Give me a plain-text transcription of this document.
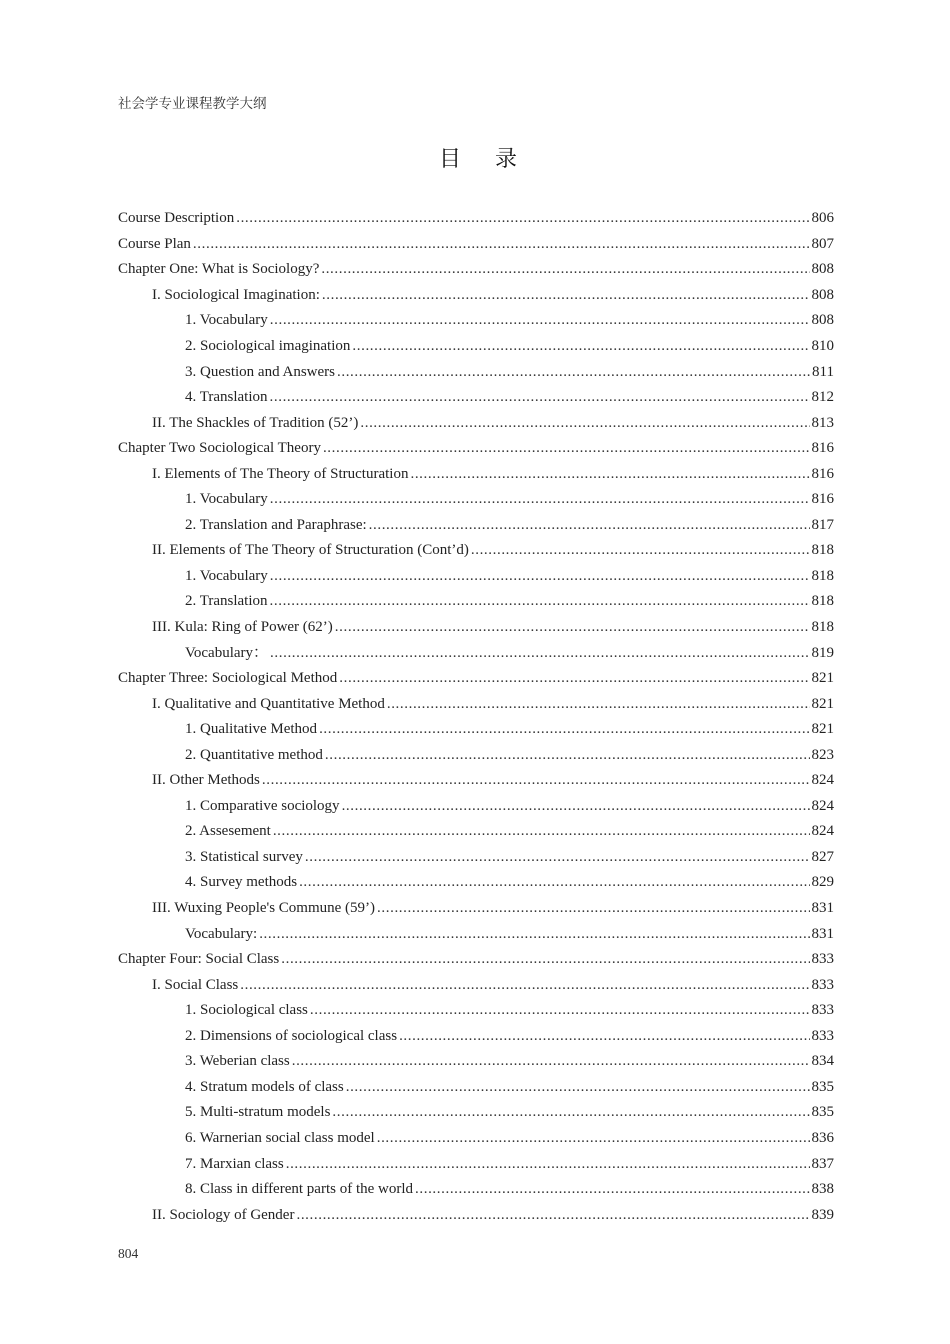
社会学专业课程教学大纲
目录
Course Description .....	806
Course Plan .....	807
Chapter One: What is Sociology? .....	808
I. Sociological Imagination: .....	808
1. Vocabulary .....	808
2. Sociological imagination .....	810
3. Question and Answers .....	811
4. Translation .....	812
II. The Shackles of Tradition (52’) .....	813
Chapter Two Sociological Theory .....	816
I. Elements of The Theory of Structuration .....	816
1. Vocabulary .....	816
2. Translation and Paraphrase: .....	817
II. Elements of The Theory of Structuration (Cont’d) .....	818
1. Vocabulary .....	818
2. Translation .....	818
III. Kula: Ring of Power (62’) .....	818
Vocabulary： .....	819
Chapter Three: Sociological Method .....	821
I. Qualitative and Quantitative Method .....	821
1. Qualitative Method .....	821
2. Quantitative method .....	823
II. Other Methods .....	824
1. Comparative sociology .....	824
2. Assesement .....	824
3. Statistical survey .....	827
4. Survey methods .....	829
III. Wuxing People's Commune (59’) .....	831
Vocabulary: .....	831
Chapter Four: Social Class .....	833
I. Social Class .....	833
1. Sociological class .....	833
2. Dimensions of sociological class .....	833
3. Weberian class .....	834
4. Stratum models of class .....	835
5. Multi-stratum models .....	835
6. Warnerian social class model .....	836
7. Marxian class .....	837
8. Class in different parts of the world .....	838
II. Sociology of Gender .....	839
804
